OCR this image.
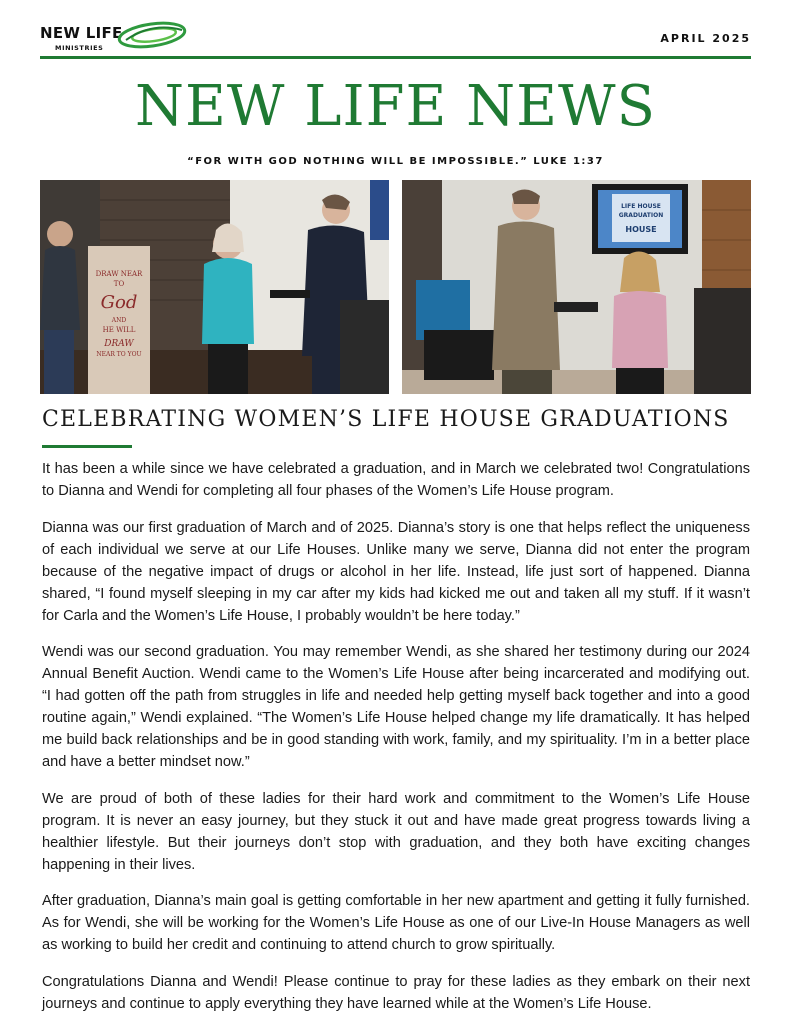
NEW LIFE
MINISTRIES
APRIL 2025
NEW LIFE NEWS
“FOR WITH GOD NOTHING WILL BE IMPOSSIBLE.” LUKE 1:37
DRAW NEAR
TO
God
AND
HE WILL
DRAW
NEAR TO YOU
LIFE HOUSE
GRADUATION
HOUSE
CELEBRATING WOMEN’S LIFE HOUSE GRADUATIONS

It has been a while since we have celebrated a graduation, and in March we celebrated two! Congratulations to Dianna and Wendi for completing all four phases of the Women’s Life House program.

Dianna was our first graduation of March and of 2025. Dianna’s story is one that helps reflect the uniqueness of each individual we serve at our Life Houses. Unlike many we serve, Dianna did not enter the program because of the negative impact of drugs or alcohol in her life. Instead, life just sort of happened. Dianna shared, “I found myself sleeping in my car after my kids had kicked me out and taken all my stuff. If it wasn’t for Carla and the Women’s Life House, I probably wouldn’t be here today.”

Wendi was our second graduation. You may remember Wendi, as she shared her testimony during our 2024 Annual Benefit Auction. Wendi came to the Women’s Life House after being incarcerated and modifying out. “I had gotten off the path from struggles in life and needed help getting myself back together and into a good routine again,” Wendi explained. “The Women’s Life House helped change my life dramatically. It has helped me build back relationships and be in good standing with work, family, and my spirituality. I’m in a better place and have a better mindset now.”

We are proud of both of these ladies for their hard work and commitment to the Women’s Life House program. It is never an easy journey, but they stuck it out and have made great progress towards living a healthier lifestyle. But their journeys don’t stop with graduation, and they both have exciting changes happening in their lives.

After graduation, Dianna’s main goal is getting comfortable in her new apartment and getting it fully furnished. As for Wendi, she will be working for the Women’s Life House as one of our Live-In House Managers as well as working to build her credit and continuing to attend church to grow spiritually.

Congratulations Dianna and Wendi! Please continue to pray for these ladies as they embark on their next journeys and continue to apply everything they have learned while at the Women’s Life House.
